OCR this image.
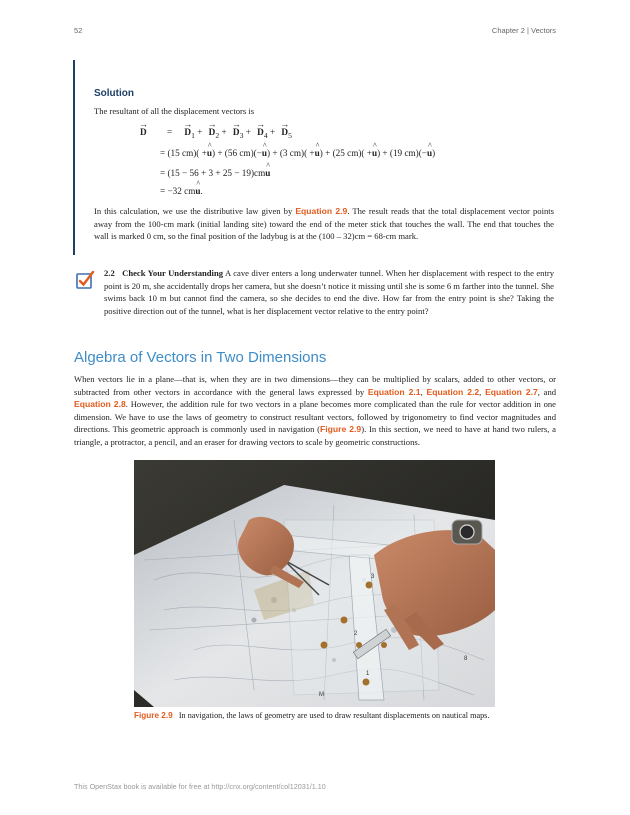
52	Chapter 2 | Vectors
Solution
The resultant of all the displacement vectors is
→ D = → $D_1$ + → $D_2$ + → $D_3$ + → $D_4$ + → $D_5$
= (15 cm)( +^ u) + (56 cm)(−^ u) + (3 cm)( +^ u) + (25 cm)( +^ u) + (19 cm)(−^ u)
= (15 − 56 + 3 + 25 − 19)cm^ u
= −32 cm^ u.
In this calculation, we use the distributive law given by Equation 2.9. The result reads that the total displacement vector points away from the 100-cm mark (initial landing site) toward the end of the meter stick that touches the wall. The end that touches the wall is marked 0 cm, so the final position of the ladybug is at the (100 – 32)cm = 68-cm mark.
2.2 Check Your Understanding A cave diver enters a long underwater tunnel. When her displacement with respect to the entry point is 20 m, she accidentally drops her camera, but she doesn’t notice it missing until she is some 6 m farther into the tunnel. She swims back 10 m but cannot find the camera, so she decides to end the dive. How far from the entry point is she? Taking the positive direction out of the tunnel, what is her displacement vector relative to the entry point?
Algebra of Vectors in Two Dimensions
When vectors lie in a plane—that is, when they are in two dimensions—they can be multiplied by scalars, added to other vectors, or subtracted from other vectors in accordance with the general laws expressed by Equation 2.1, Equation 2.2, Equation 2.7, and Equation 2.8. However, the addition rule for two vectors in a plane becomes more complicated than the rule for vector addition in one dimension. We have to use the laws of geometry to construct resultant vectors, followed by trigonometry to find vector magnitudes and directions. This geometric approach is commonly used in navigation (Figure 2.9). In this section, we need to have at hand two rulers, a triangle, a protractor, a pencil, and an eraser for drawing vectors to scale by geometric constructions.
3
2
1
M
8
Figure 2.9 In navigation, the laws of geometry are used to draw resultant displacements on nautical maps.
This OpenStax book is available for free at http://cnx.org/content/col12031/1.10
